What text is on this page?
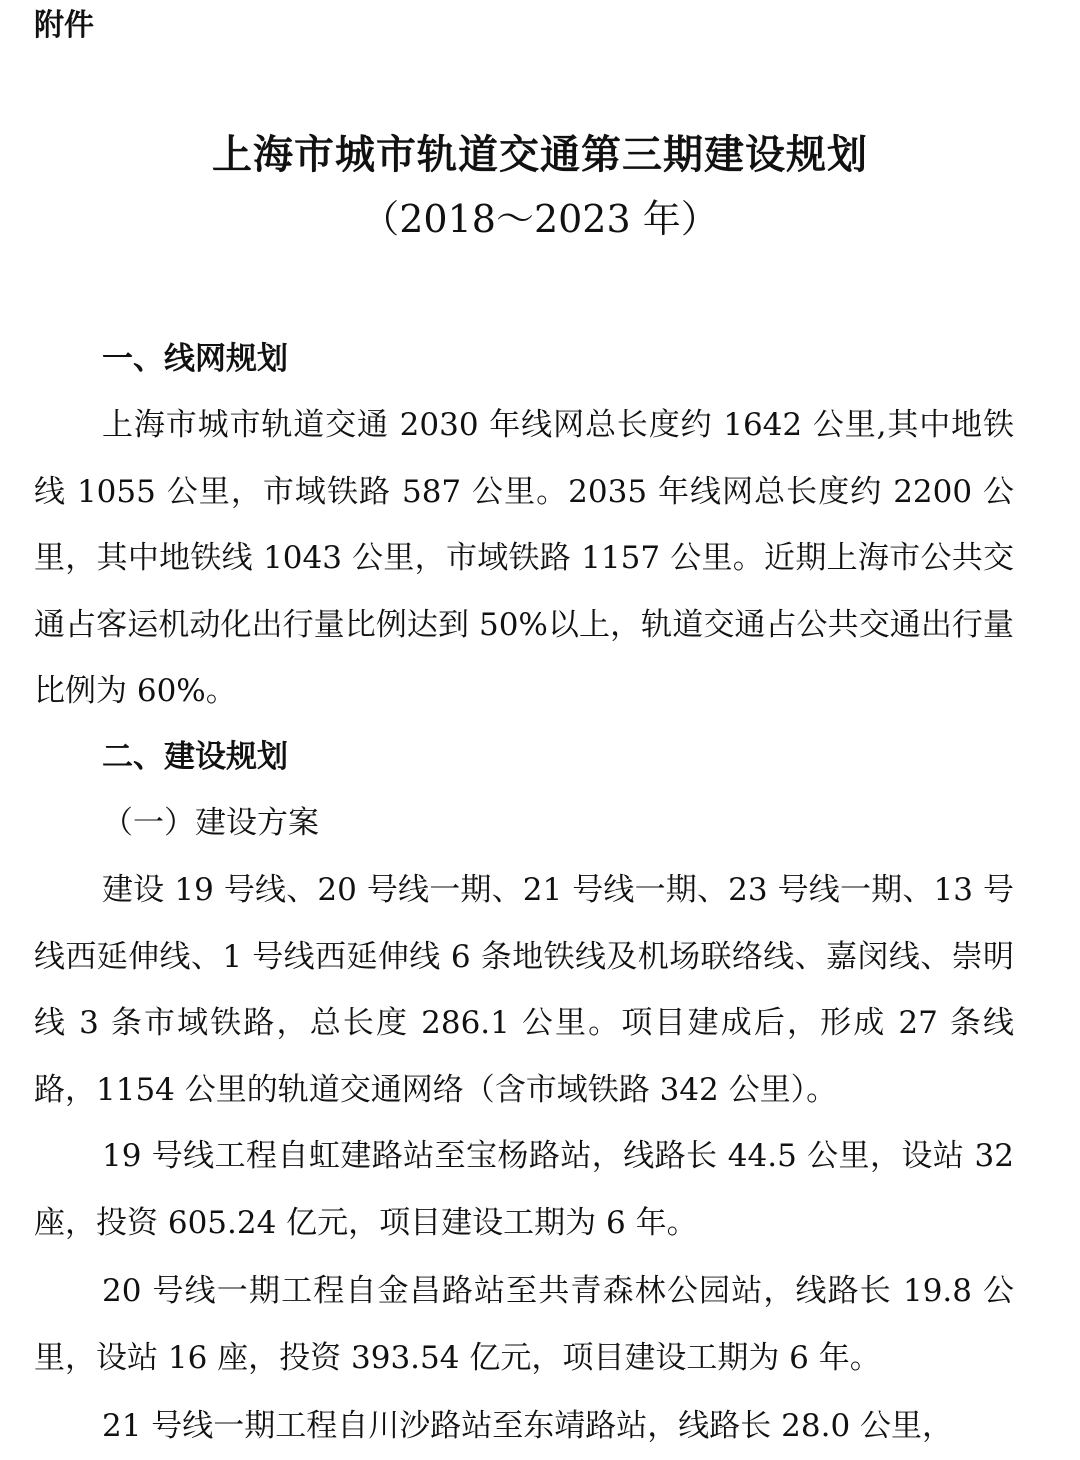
附件
上海市城市轨道交通第三期建设规划
（2018～2023 年）
一、线网规划

上海市城市轨道交通 2030 年线网总长度约 1642 公里,其中地铁线 1055 公里，市域铁路 587 公里。2035 年线网总长度约 2200 公里，其中地铁线 1043 公里，市域铁路 1157 公里。近期上海市公共交通占客运机动化出行量比例达到 50%以上，轨道交通占公共交通出行量比例为 60%。

二、建设规划
（一）建设方案

建设 19 号线、20 号线一期、21 号线一期、23 号线一期、13 号线西延伸线、1 号线西延伸线 6 条地铁线及机场联络线、嘉闵线、崇明线 3 条市域铁路，总长度 286.1 公里。项目建成后，形成 27 条线路，1154 公里的轨道交通网络（含市域铁路 342 公里）。

19 号线工程自虹建路站至宝杨路站，线路长 44.5 公里，设站 32 座，投资 605.24 亿元，项目建设工期为 6 年。

20 号线一期工程自金昌路站至共青森林公园站，线路长 19.8 公里，设站 16 座，投资 393.54 亿元，项目建设工期为 6 年。

21 号线一期工程自川沙路站至东靖路站，线路长 28.0 公里，
